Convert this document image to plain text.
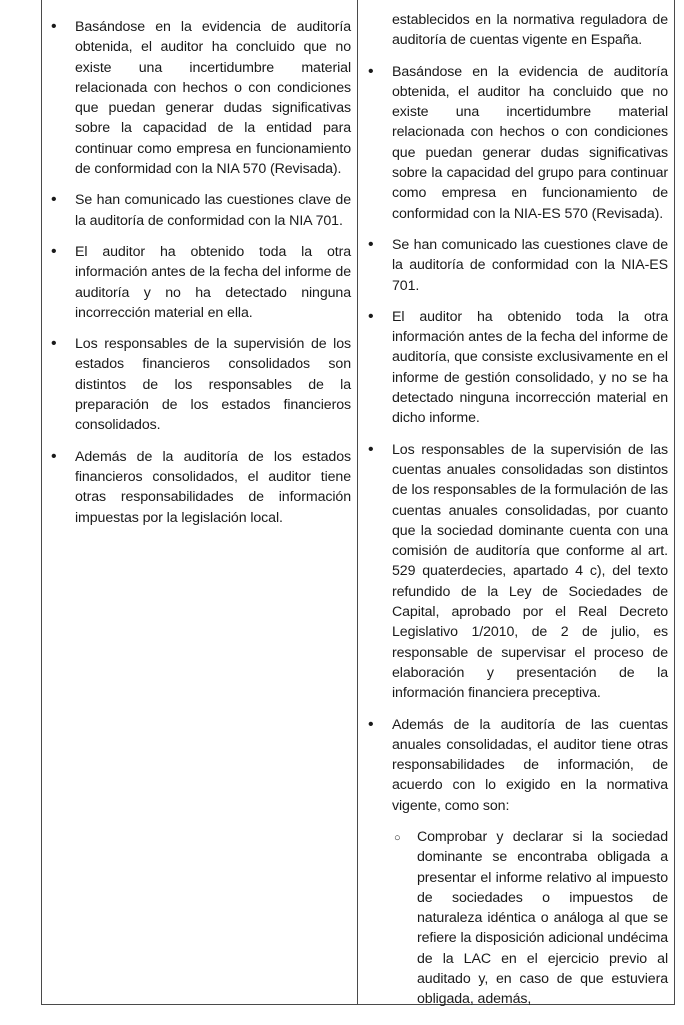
• Basándose en la evidencia de auditoría obtenida, el auditor ha concluido que no existe una incertidumbre material relacionada con hechos o con condiciones que puedan generar dudas significativas sobre la capacidad de la entidad para continuar como empresa en funcionamiento de conformidad con la NIA 570 (Revisada).
• Se han comunicado las cuestiones clave de la auditoría de conformidad con la NIA 701.
• El auditor ha obtenido toda la otra información antes de la fecha del informe de auditoría y no ha detectado ninguna incorrección material en ella.
• Los responsables de la supervisión de los estados financieros consolidados son distintos de los responsables de la preparación de los estados financieros consolidados.
• Además de la auditoría de los estados financieros consolidados, el auditor tiene otras responsabilidades de información impuestas por la legislación local.
establecidos en la normativa reguladora de auditoría de cuentas vigente en España.
• Basándose en la evidencia de auditoría obtenida, el auditor ha concluido que no existe una incertidumbre material relacionada con hechos o con condiciones que puedan generar dudas significativas sobre la capacidad del grupo para continuar como empresa en funcionamiento de conformidad con la NIA-ES 570 (Revisada).
• Se han comunicado las cuestiones clave de la auditoría de conformidad con la NIA-ES 701.
• El auditor ha obtenido toda la otra información antes de la fecha del informe de auditoría, que consiste exclusivamente en el informe de gestión consolidado, y no se ha detectado ninguna incorrección material en dicho informe.
• Los responsables de la supervisión de las cuentas anuales consolidadas son distintos de los responsables de la formulación de las cuentas anuales consolidadas, por cuanto que la sociedad dominante cuenta con una comisión de auditoría que conforme al art. 529 quaterdecies, apartado 4 c), del texto refundido de la Ley de Sociedades de Capital, aprobado por el Real Decreto Legislativo 1/2010, de 2 de julio, es responsable de supervisar el proceso de elaboración y presentación de la información financiera preceptiva.
• Además de la auditoría de las cuentas anuales consolidadas, el auditor tiene otras responsabilidades de información, de acuerdo con lo exigido en la normativa vigente, como son:
○ Comprobar y declarar si la sociedad dominante se encontraba obligada a presentar el informe relativo al impuesto de sociedades o impuestos de naturaleza idéntica o análoga al que se refiere la disposición adicional undécima de la LAC en el ejercicio previo al auditado y, en caso de que estuviera obligada, además,
